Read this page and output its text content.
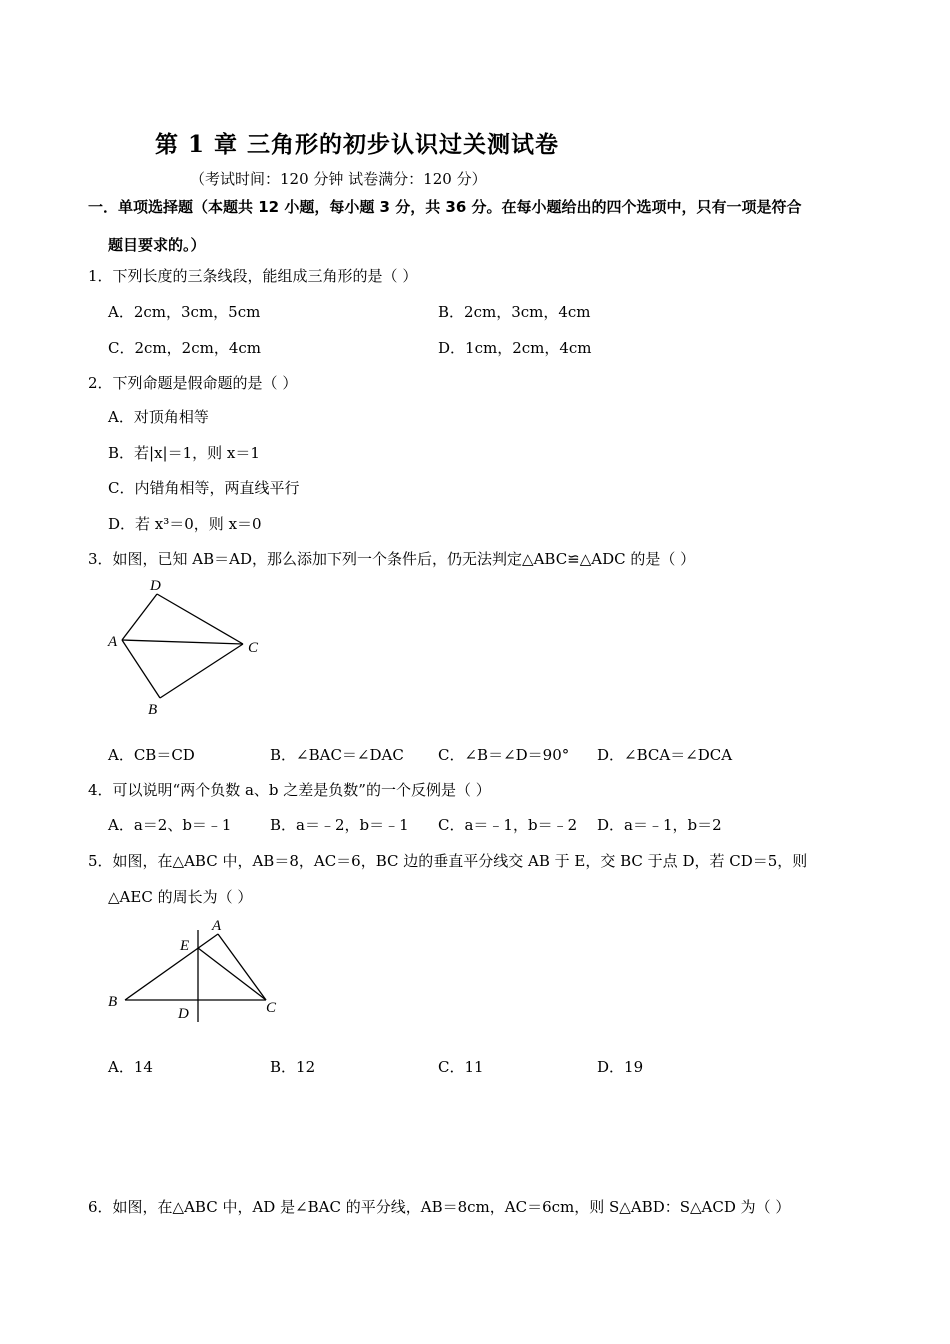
第 1 章 三角形的初步认识过关测试卷
（考试时间：120 分钟 试卷满分：120 分）
一．单项选择题（本题共 12 小题，每小题 3 分，共 36 分。在每小题给出的四个选项中，只有一项是符合
题目要求的。）
1．下列长度的三条线段，能组成三角形的是（ ）
A．2cm，3cm，5cm	B．2cm，3cm，4cm
C．2cm，2cm，4cm	D．1cm，2cm，4cm
2．下列命题是假命题的是（ ）
A．对顶角相等
B．若|x|＝1，则 x＝1
C．内错角相等，两直线平行
D．若 x³＝0，则 x＝0
3．如图，已知 AB＝AD，那么添加下列一个条件后，仍无法判定△ABC≌△ADC 的是（ ）
D
A	C
B
A．CB＝CD	B．∠BAC＝∠DAC C．∠B＝∠D＝90° D．∠BCA＝∠DCA
4．可以说明“两个负数 a、b 之差是负数”的一个反例是（ ）
A．a＝2、b＝﹣1	B．a＝﹣2，b＝﹣1 C．a＝﹣1，b＝﹣2 D．a＝﹣1，b＝2
5．如图，在△ABC 中，AB＝8，AC＝6，BC 边的垂直平分线交 AB 于 E，交 BC 于点 D，若 CD＝5，则
△AEC 的周长为（ ）
A
E
B
D	C
A．14	B．12	C．11	D．19
6．如图，在△ABC 中，AD 是∠BAC 的平分线，AB＝8cm，AC＝6cm，则 S△ABD：S△ACD 为（ ）
